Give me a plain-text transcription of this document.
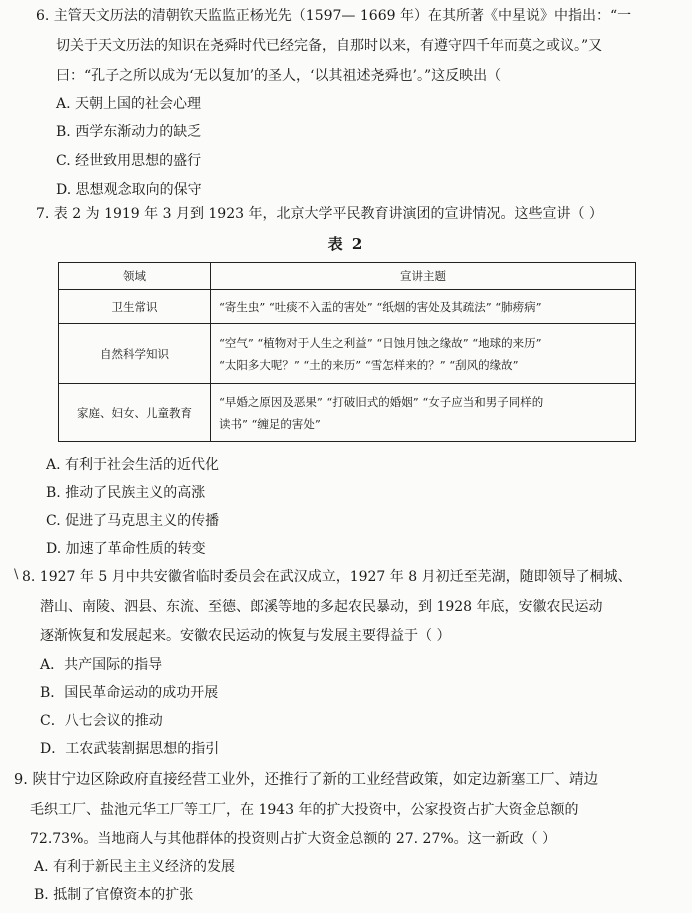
6. 主管天文历法的清朝钦天监监正杨光先（1597— 1669 年）在其所著《中星说》中指出：“一
切关于天文历法的知识在尧舜时代已经完备，自那时以来，有遵守四千年而莫之或议。”又
曰：“孔子之所以成为‘无以复加’的圣人，‘以其祖述尧舜也’。”这反映出（
A. 天朝上国的社会心理
B. 西学东渐动力的缺乏
C. 经世致用思想的盛行
D. 思想观念取向的保守
7. 表 2 为 1919 年 3 月到 1923 年，北京大学平民教育讲演团的宣讲情况。这些宣讲（ ）
表 2
领域	宣讲主题
卫生常识	“寄生虫” “吐痰不入盂的害处” “纸烟的害处及其疏法” “肺痨病”

自然科学知识	“空气” “植物对于人生之利益” “日蚀月蚀之缘故” “地球的来历”
“太阳多大呢？” “土的来历” “雪怎样来的？” “刮风的缘故”

家庭、妇女、儿童教育	“早婚之原因及恶果” “打破旧式的婚姻” “女子应当和男子同样的
读书” “缠足的害处”
A. 有利于社会生活的近代化
B. 推动了民族主义的高涨
C. 促进了马克思主义的传播
D. 加速了革命性质的转变
\ 8. 1927 年 5 月中共安徽省临时委员会在武汉成立，1927 年 8 月初迁至芜湖，随即领导了桐城、
潜山、南陵、泗县、东流、至德、郎溪等地的多起农民暴动，到 1928 年底，安徽农民运动
逐渐恢复和发展起来。安徽农民运动的恢复与发展主要得益于（ ）
A．共产国际的指导
B．国民革命运动的成功开展
C．八七会议的推动
D．工农武装割据思想的指引
9. 陕甘宁边区除政府直接经营工业外，还推行了新的工业经营政策，如定边新塞工厂、靖边
毛织工厂、盐池元华工厂等工厂，在 1943 年的扩大投资中，公家投资占扩大资金总额的
72.73%。当地商人与其他群体的投资则占扩大资金总额的 27. 27%。这一新政（ ）
A. 有利于新民主主义经济的发展
B. 抵制了官僚资本的扩张
